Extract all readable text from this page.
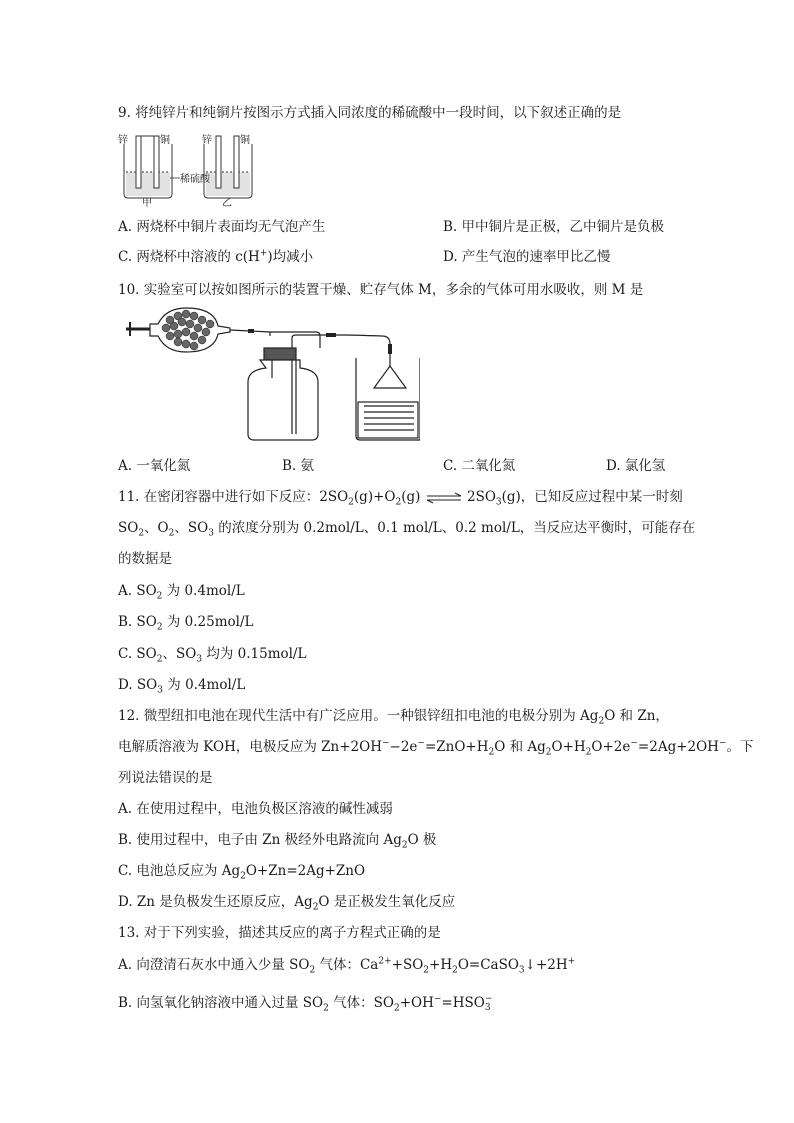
9. 将纯锌片和纯铜片按图示方式插入同浓度的稀硫酸中一段时间，以下叙述正确的是
锌	铜	锌	铜
稀硫酸
甲	乙
A. 两烧杯中铜片表面均无气泡产生	B. 甲中铜片是正极，乙中铜片是负极
C. 两烧杯中溶液的 c(H+)均减小	D. 产生气泡的速率甲比乙慢
10. 实验室可以按如图所示的装置干燥、贮存气体 M，多余的气体可用水吸收，则 M 是
A. 一氧化氮	B. 氨	C. 二氧化氮	D. 氯化氢
11. 在密闭容器中进行如下反应：$2SO_2(g)+O_2(g)$ ⇌ $2SO_3(g)$，已知反应过程中某一时刻
$SO_2$、$O_2$、$SO_3$ 的浓度分别为 0.2mol/L、0.1 mol/L、0.2 mol/L，当反应达平衡时，可能存在
的数据是
A. $SO_2$ 为 0.4mol/L
B. $SO_2$ 为 0.25mol/L
C. $SO_2$、$SO_3$ 均为 0.15mol/L
D. $SO_3$ 为 0.4mol/L
12. 微型纽扣电池在现代生活中有广泛应用。一种银锌纽扣电池的电极分别为 $Ag_2O$ 和 Zn，
电解质溶液为 KOH，电极反应为 $Zn+2OH^--2e^-=ZnO+H_2O$ 和 $Ag_2O+H_2O+2e^-=2Ag+2OH^-$。下
列说法错误的是
A. 在使用过程中，电池负极区溶液的碱性减弱
B. 使用过程中，电子由 Zn 极经外电路流向 $Ag_2O$ 极
C. 电池总反应为 $Ag_2O+Zn=2Ag+ZnO$
D. Zn 是负极发生还原反应，$Ag_2O$ 是正极发生氧化反应
13. 对于下列实验，描述其反应的离子方程式正确的是
A. 向澄清石灰水中通入少量 $SO_2$ 气体：$Ca^{2+}+SO_2+H_2O=CaSO_3↓+2H^+$
B. 向氢氧化钠溶液中通入过量 $SO_2$ 气体：$SO_2+OH^-=HSO$ −
3
